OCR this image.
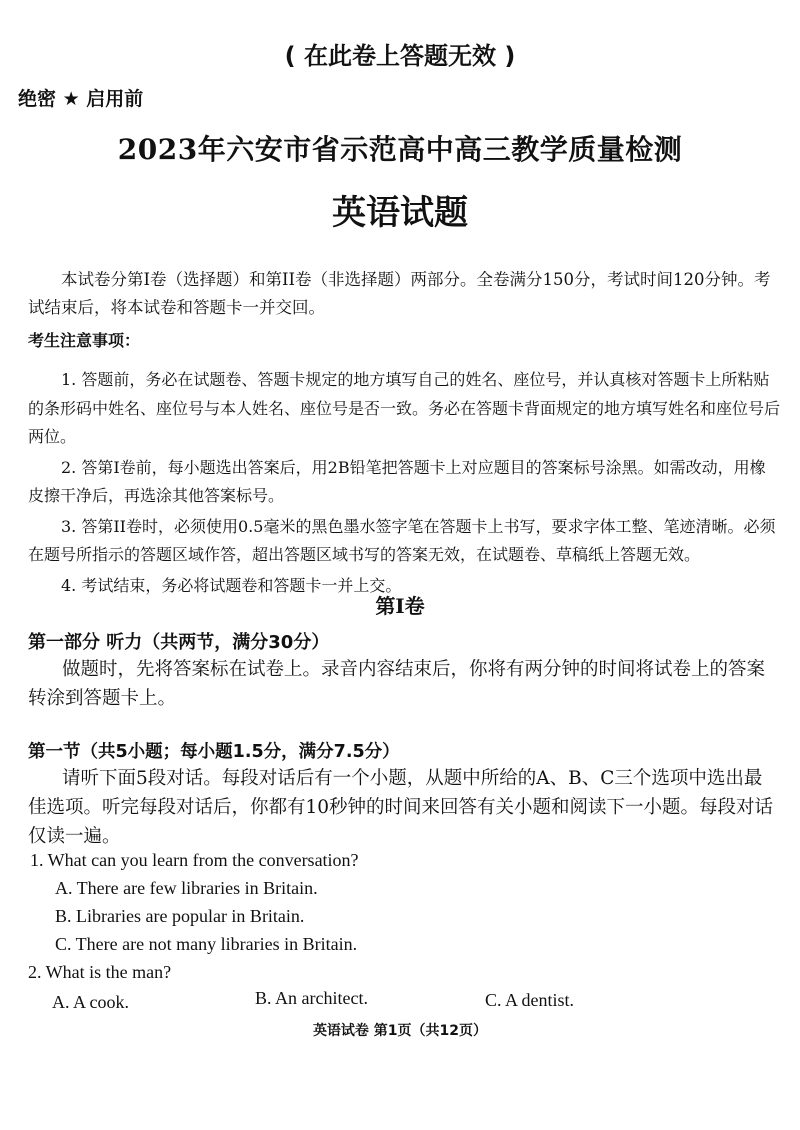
( 在此卷上答题无效 )
绝密 ★ 启用前
2023年六安市省示范高中高三教学质量检测
英语试题

本试卷分第I卷（选择题）和第II卷（非选择题）两部分。全卷满分150分，考试时间120分钟。考试结束后，将本试卷和答题卡一并交回。

考生注意事项：

1. 答题前，务必在试题卷、答题卡规定的地方填写自己的姓名、座位号，并认真核对答题卡上所粘贴的条形码中姓名、座位号与本人姓名、座位号是否一致。务必在答题卡背面规定的地方填写姓名和座位号后两位。

2. 答第I卷前，每小题选出答案后，用2B铅笔把答题卡上对应题目的答案标号涂黑。如需改动，用橡皮擦干净后，再选涂其他答案标号。

3. 答第II卷时，必须使用0.5毫米的黑色墨水签字笔在答题卡上书写，要求字体工整、笔迹清晰。必须在题号所指示的答题区域作答，超出答题区域书写的答案无效，在试题卷、草稿纸上答题无效。

4. 考试结束，务必将试题卷和答题卡一并上交。

第I卷
第一部分 听力（共两节，满分30分）

做题时，先将答案标在试卷上。录音内容结束后，你将有两分钟的时间将试卷上的答案转涂到答题卡上。

第一节（共5小题；每小题1.5分，满分7.5分）

请听下面5段对话。每段对话后有一个小题，从题中所给的A、B、C三个选项中选出最佳选项。听完每段对话后，你都有10秒钟的时间来回答有关小题和阅读下一小题。每段对话仅读一遍。

1. What can you learn from the conversation?
A. There are few libraries in Britain.
B. Libraries are popular in Britain.
C. There are not many libraries in Britain.
2. What is the man?
A. A cook.	B. An architect.	C. A dentist.
英语试卷 第1页（共12页）
